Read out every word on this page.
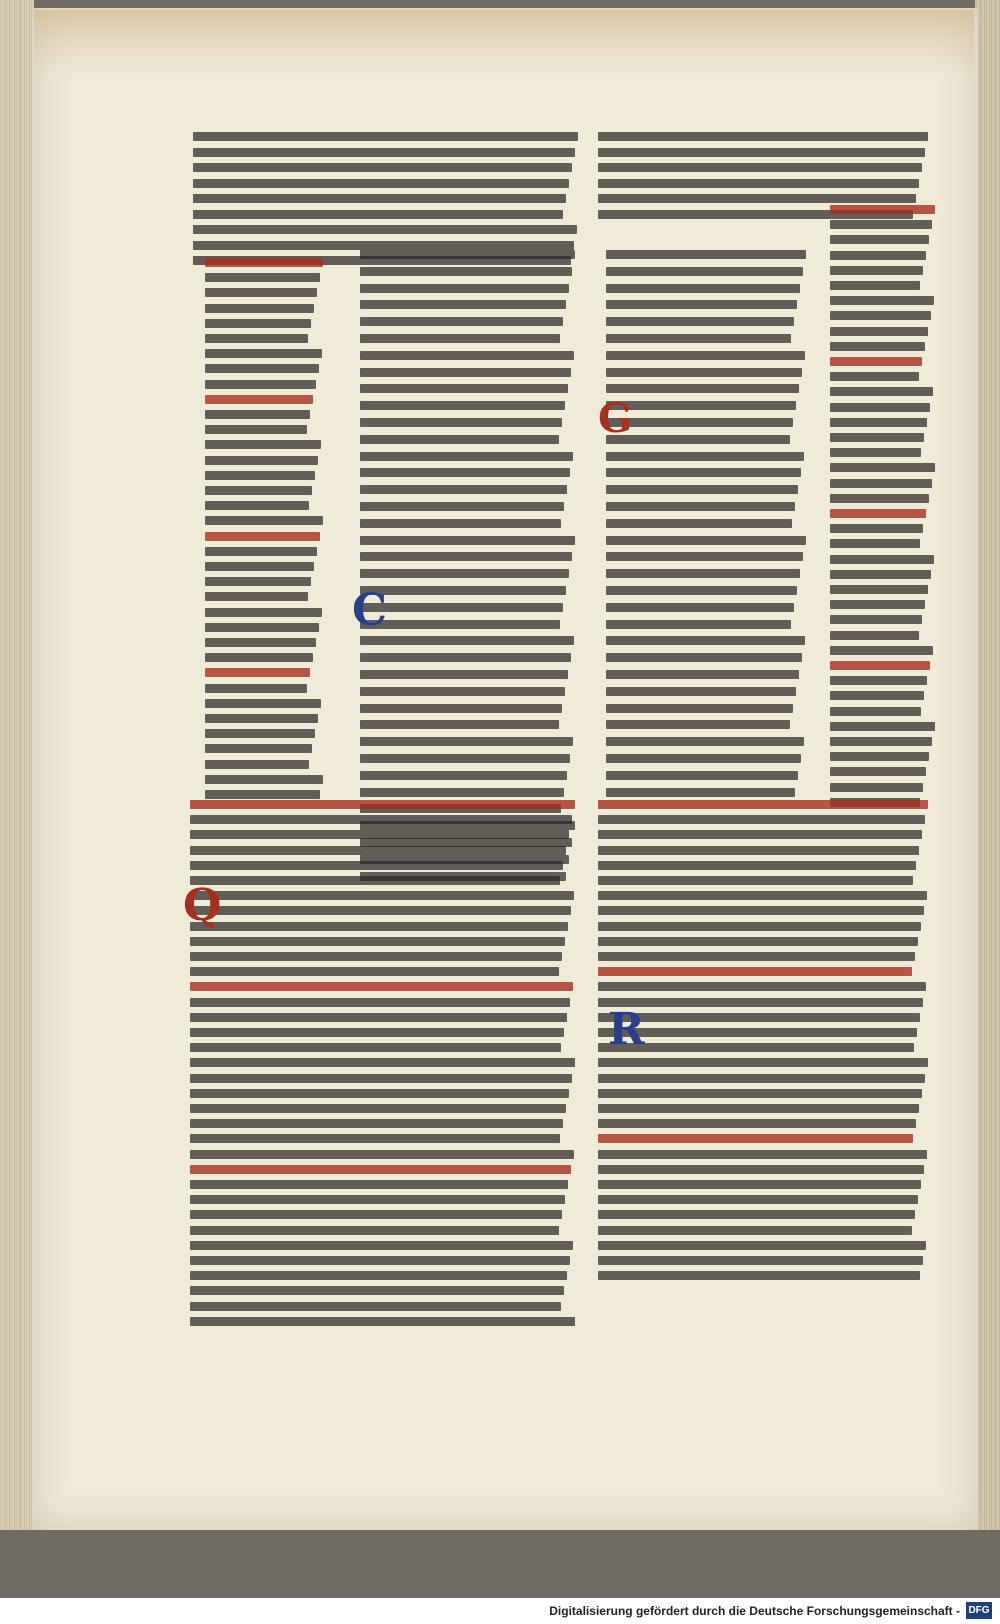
Q
C
G
R
Digitalisierung gefördert durch die Deutsche Forschungsgemeinschaft - DFG
